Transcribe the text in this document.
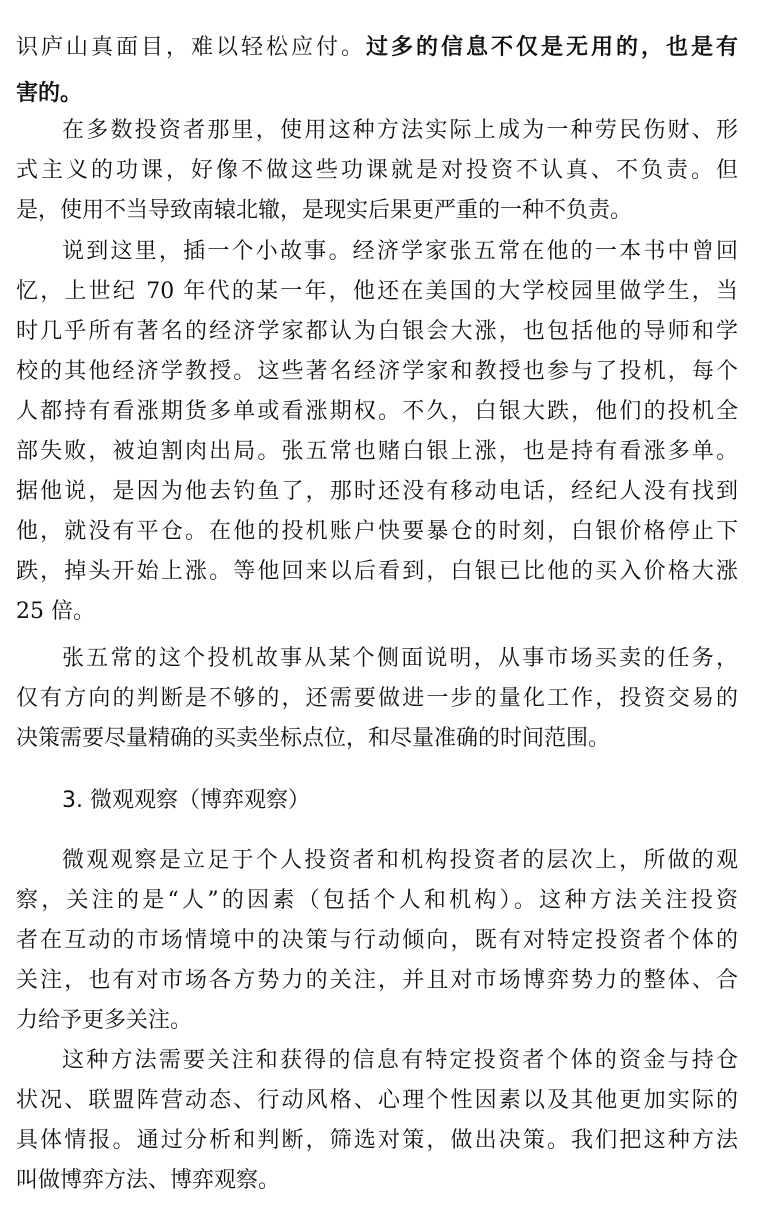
识庐山真面目，难以轻松应付。过多的信息不仅是无用的，也是有
害的。
在多数投资者那里，使用这种方法实际上成为一种劳民伤财、形
式主义的功课，好像不做这些功课就是对投资不认真、不负责。但
是，使用不当导致南辕北辙，是现实后果更严重的一种不负责。
说到这里，插一个小故事。经济学家张五常在他的一本书中曾回
忆，上世纪 70 年代的某一年，他还在美国的大学校园里做学生，当
时几乎所有著名的经济学家都认为白银会大涨，也包括他的导师和学
校的其他经济学教授。这些著名经济学家和教授也参与了投机，每个
人都持有看涨期货多单或看涨期权。不久，白银大跌，他们的投机全
部失败，被迫割肉出局。张五常也赌白银上涨，也是持有看涨多单。
据他说，是因为他去钓鱼了，那时还没有移动电话，经纪人没有找到
他，就没有平仓。在他的投机账户快要暴仓的时刻，白银价格停止下
跌，掉头开始上涨。等他回来以后看到，白银已比他的买入价格大涨
25 倍。
张五常的这个投机故事从某个侧面说明，从事市场买卖的任务，
仅有方向的判断是不够的，还需要做进一步的量化工作，投资交易的
决策需要尽量精确的买卖坐标点位，和尽量准确的时间范围。
3. 微观观察（博弈观察）
微观观察是立足于个人投资者和机构投资者的层次上，所做的观
察，关注的是“人”的因素（包括个人和机构）。这种方法关注投资
者在互动的市场情境中的决策与行动倾向，既有对特定投资者个体的
关注，也有对市场各方势力的关注，并且对市场博弈势力的整体、合
力给予更多关注。
这种方法需要关注和获得的信息有特定投资者个体的资金与持仓
状况、联盟阵营动态、行动风格、心理个性因素以及其他更加实际的
具体情报。通过分析和判断，筛选对策，做出决策。我们把这种方法
叫做博弈方法、博弈观察。
